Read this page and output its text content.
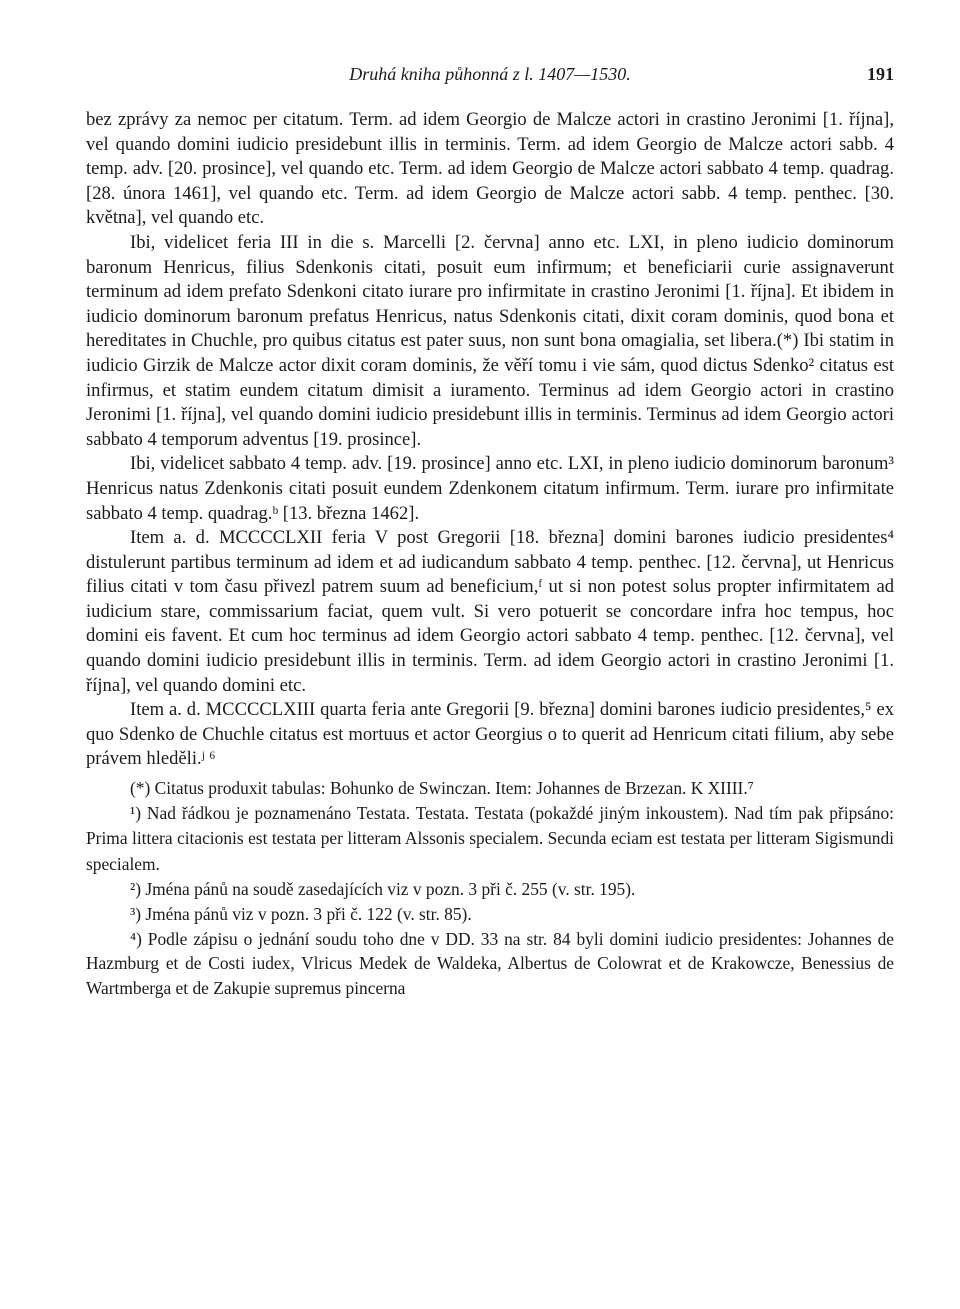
Druhá kniha půhonná z l. 1407—1530.	191

bez zprávy za nemoc per citatum. Term. ad idem Georgio de Malcze actori in crastino Jeronimi [1. října], vel quando domini iudicio presidebunt illis in terminis. Term. ad idem Georgio de Malcze actori sabb. 4 temp. adv. [20. prosince], vel quando etc. Term. ad idem Georgio de Malcze actori sabbato 4 temp. quadrag. [28. února 1461], vel quando etc. Term. ad idem Georgio de Malcze actori sabb. 4 temp. penthec. [30. května], vel quando etc.

Ibi, videlicet feria III in die s. Marcelli [2. června] anno etc. LXI, in pleno iudicio dominorum baronum Henricus, filius Sdenkonis citati, posuit eum infirmum; et beneficiarii curie assignaverunt terminum ad idem prefato Sdenkoni citato iurare pro infirmitate in crastino Jeronimi [1. října]. Et ibidem in iudicio dominorum baronum prefatus Henricus, natus Sdenkonis citati, dixit coram dominis, quod bona et hereditates in Chuchle, pro quibus citatus est pater suus, non sunt bona omagialia, set libera.(*) Ibi statim in iudicio Girzik de Malcze actor dixit coram dominis, že věří tomu i vie sám, quod dictus Sdenko² citatus est infirmus, et statim eundem citatum dimisit a iuramento. Terminus ad idem Georgio actori in crastino Jeronimi [1. října], vel quando domini iudicio presidebunt illis in terminis. Terminus ad idem Georgio actori sabbato 4 temporum adventus [19. prosince].

Ibi, videlicet sabbato 4 temp. adv. [19. prosince] anno etc. LXI, in pleno iudicio dominorum baronum³ Henricus natus Zdenkonis citati posuit eundem Zdenkonem citatum infirmum. Term. iurare pro infirmitate sabbato 4 temp. quadrag.ᵇ [13. března 1462].

Item a. d. MCCCCLXII feria V post Gregorii [18. března] domini barones iudicio presidentes⁴ distulerunt partibus terminum ad idem et ad iudicandum sabbato 4 temp. penthec. [12. června], ut Henricus filius citati v tom času přivezl patrem suum ad beneficium,ᶠ ut si non potest solus propter infirmitatem ad iudicium stare, commissarium faciat, quem vult. Si vero potuerit se concordare infra hoc tempus, hoc domini eis favent. Et cum hoc terminus ad idem Georgio actori sabbato 4 temp. penthec. [12. června], vel quando domini iudicio presidebunt illis in terminis. Term. ad idem Georgio actori in crastino Jeronimi [1. října], vel quando domini etc.

Item a. d. MCCCCLXIII quarta feria ante Gregorii [9. března] domini barones iudicio presidentes,⁵ ex quo Sdenko de Chuchle citatus est mortuus et actor Georgius o to querit ad Henricum citati filium, aby sebe právem hleděli.ʲ ⁶

(*) Citatus produxit tabulas: Bohunko de Swinczan. Item: Johannes de Brzezan. K XIIII.⁷

¹) Nad řádkou je poznamenáno Testata. Testata. Testata (pokaždé jiným inkoustem). Nad tím pak připsáno: Prima littera citacionis est testata per litteram Alssonis specialem. Secunda eciam est testata per litteram Sigismundi specialem.

²) Jména pánů na soudě zasedajících viz v pozn. 3 při č. 255 (v. str. 195).

³) Jména pánů viz v pozn. 3 při č. 122 (v. str. 85).

⁴) Podle zápisu o jednání soudu toho dne v DD. 33 na str. 84 byli domini iudicio presidentes: Johannes de Hazmburg et de Costi iudex, Vlricus Medek de Waldeka, Albertus de Colowrat et de Krakowcze, Benessius de Wartmberga et de Zakupie supremus pincerna
